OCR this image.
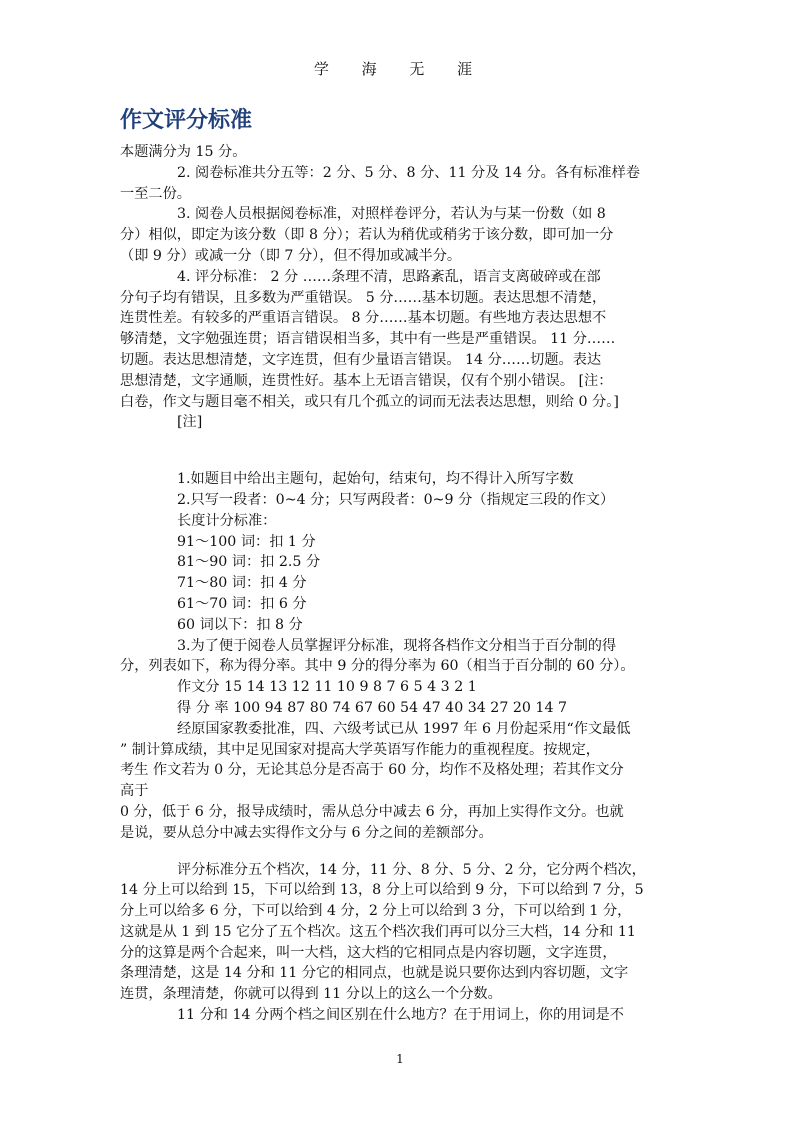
学 海 无 涯
作文评分标准
本题满分为 15 分。
2. 阅卷标准共分五等：2 分、5 分、8 分、11 分及 14 分。各有标准样卷
一至二份。
3. 阅卷人员根据阅卷标准，对照样卷评分，若认为与某一份数（如 8
分）相似，即定为该分数（即 8 分）；若认为稍优或稍劣于该分数，即可加一分
（即 9 分）或减一分（即 7 分），但不得加或减半分。
4. 评分标准： 2 分 ……条理不清，思路紊乱，语言支离破碎或在部
分句子均有错误，且多数为严重错误。 5 分……基本切题。表达思想不清楚，
连贯性差。有较多的严重语言错误。 8 分……基本切题。有些地方表达思想不
够清楚，文字勉强连贯；语言错误相当多，其中有一些是严重错误。 11 分……
切题。表达思想清楚，文字连贯，但有少量语言错误。 14 分……切题。表达
思想清楚，文字通顺，连贯性好。基本上无语言错误，仅有个别小错误。 [注：
白卷，作文与题目毫不相关，或只有几个孤立的词而无法表达思想，则给 0 分。]
[注]
1.如题目中给出主题句，起始句，结束句，均不得计入所写字数
2.只写一段者：0~4 分；只写两段者：0~9 分（指规定三段的作文）
长度计分标准：
91～100 词：扣 1 分
81～90 词：扣 2.5 分
71～80 词：扣 4 分
61～70 词：扣 6 分
60 词以下：扣 8 分
3.为了便于阅卷人员掌握评分标准，现将各档作文分相当于百分制的得
分，列表如下，称为得分率。其中 9 分的得分率为 60（相当于百分制的 60 分）。
作文分 15 14 13 12 11 10 9 8 7 6 5 4 3 2 1
得 分 率 100 94 87 80 74 67 60 54 47 40 34 27 20 14 7
经原国家教委批准，四、六级考试已从 1997 年 6 月份起采用“作文最低
” 制计算成绩，其中足见国家对提高大学英语写作能力的重视程度。按规定，
考生 作文若为 0 分，无论其总分是否高于 60 分，均作不及格处理；若其作文分
高于
0 分，低于 6 分，报导成绩时，需从总分中减去 6 分，再加上实得作文分。也就
是说，要从总分中减去实得作文分与 6 分之间的差额部分。
评分标准分五个档次，14 分，11 分、8 分、5 分、2 分，它分两个档次，
14 分上可以给到 15，下可以给到 13，8 分上可以给到 9 分，下可以给到 7 分，5
分上可以给多 6 分，下可以给到 4 分，2 分上可以给到 3 分，下可以给到 1 分，
这就是从 1 到 15 它分了五个档次。这五个档次我们再可以分三大档，14 分和 11
分的这算是两个合起来，叫一大档，这大档的它相同点是内容切题，文字连贯，
条理清楚，这是 14 分和 11 分它的相同点，也就是说只要你达到内容切题，文字
连贯，条理清楚，你就可以得到 11 分以上的这么一个分数。
11 分和 14 分两个档之间区别在什么地方？在于用词上，你的用词是不
1
